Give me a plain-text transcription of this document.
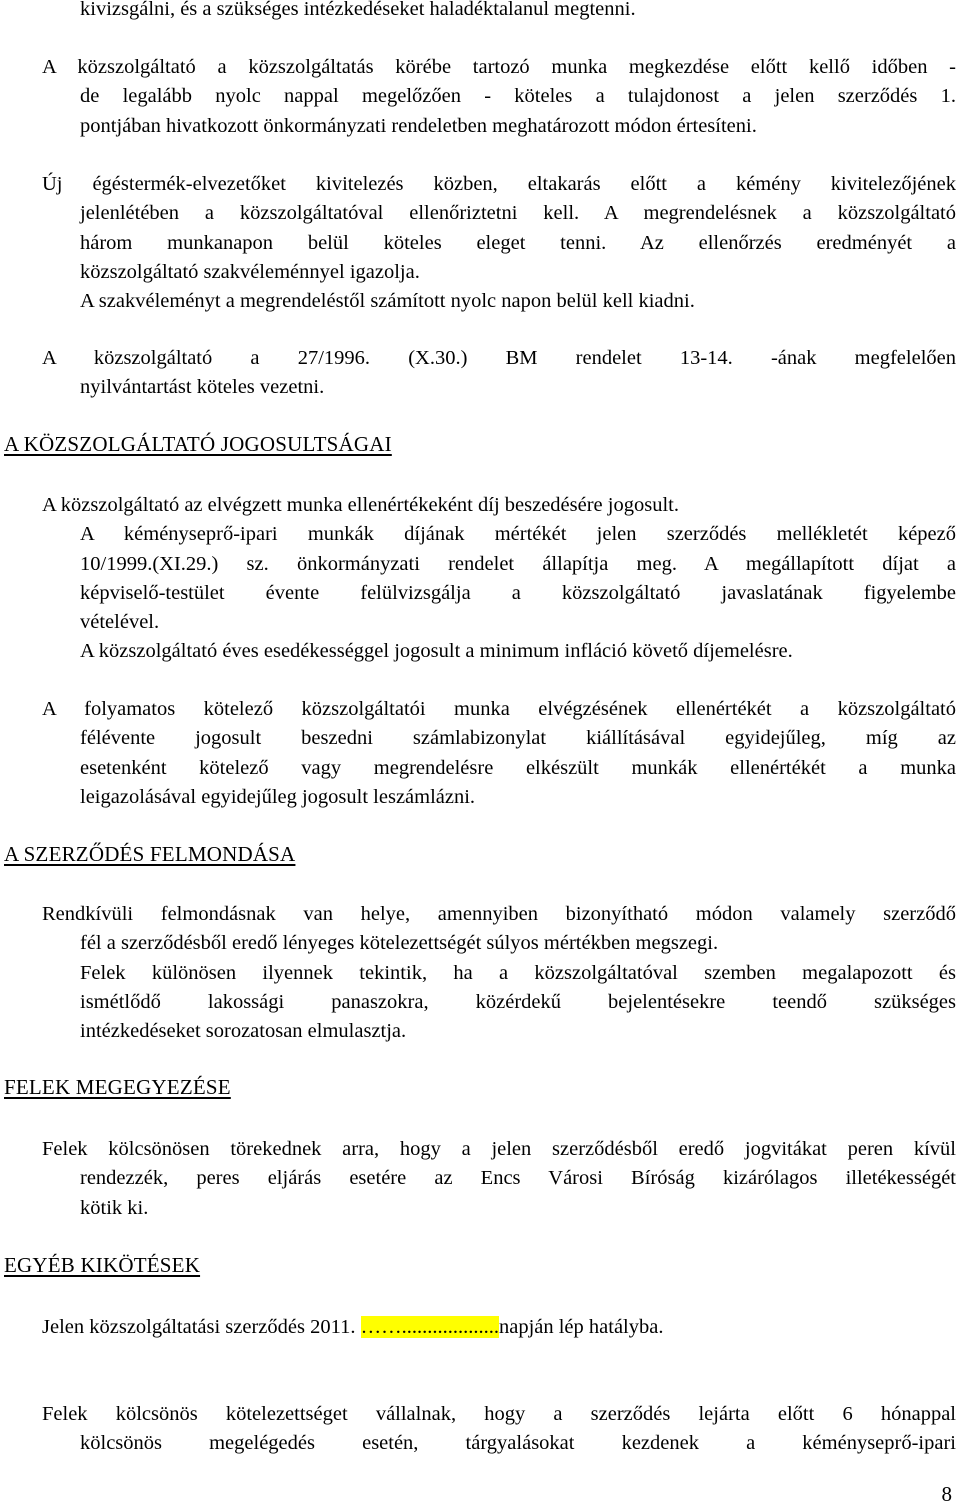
kivizsgálni, és a szükséges intézkedéseket haladéktalanul megtenni.
A közszolgáltató a közszolgáltatás körébe tartozó munka megkezdése előtt kellő időben -
de legalább nyolc nappal megelőzően - köteles a tulajdonost a jelen szerződés 1.
pontjában hivatkozott önkormányzati rendeletben meghatározott módon értesíteni.
Új égéstermék-elvezetőket kivitelezés közben, eltakarás előtt a kémény kivitelezőjének
jelenlétében a közszolgáltatóval ellenőriztetni kell. A megrendelésnek a közszolgáltató
három munkanapon belül köteles eleget tenni. Az ellenőrzés eredményét a
közszolgáltató szakvéleménnyel igazolja.
A szakvéleményt a megrendeléstől számított nyolc napon belül kell kiadni.
A közszolgáltató a 27/1996. (X.30.) BM rendelet 13-14. -ának megfelelően
nyilvántartást köteles vezetni.
A KÖZSZOLGÁLTATÓ JOGOSULTSÁGAI
A közszolgáltató az elvégzett munka ellenértékeként díj beszedésére jogosult.
A kéményseprő-ipari munkák díjának mértékét jelen szerződés mellékletét képező
10/1999.(XI.29.) sz. önkormányzati rendelet állapítja meg. A megállapított díjat a
képviselő-testület évente felülvizsgálja a közszolgáltató javaslatának figyelembe
vételével.
A közszolgáltató éves esedékességgel jogosult a minimum infláció követő díjemelésre.
A folyamatos kötelező közszolgáltatói munka elvégzésének ellenértékét a közszolgáltató
félévente jogosult beszedni számlabizonylat kiállításával egyidejűleg, míg az
esetenként kötelező vagy megrendelésre elkészült munkák ellenértékét a munka
leigazolásával egyidejűleg jogosult leszámlázni.
A SZERZŐDÉS FELMONDÁSA
Rendkívüli felmondásnak van helye, amennyiben bizonyítható módon valamely szerződő
fél a szerződésből eredő lényeges kötelezettségét súlyos mértékben megszegi.
Felek különösen ilyennek tekintik, ha a közszolgáltatóval szemben megalapozott és
ismétlődő lakossági panaszokra, közérdekű bejelentésekre teendő szükséges
intézkedéseket sorozatosan elmulasztja.
FELEK MEGEGYEZÉSE
Felek kölcsönösen törekednek arra, hogy a jelen szerződésből eredő jogvitákat peren kívül
rendezzék, peres eljárás esetére az Encs Városi Bíróság kizárólagos illetékességét
kötik ki.
EGYÉB KIKÖTÉSEK
Jelen közszolgáltatási szerződés 2011. ……...................napján lép hatályba.
Felek kölcsönös kötelezettséget vállalnak, hogy a szerződés lejárta előtt 6 hónappal
kölcsönös megelégedés esetén, tárgyalásokat kezdenek a kéményseprő-ipari
8
